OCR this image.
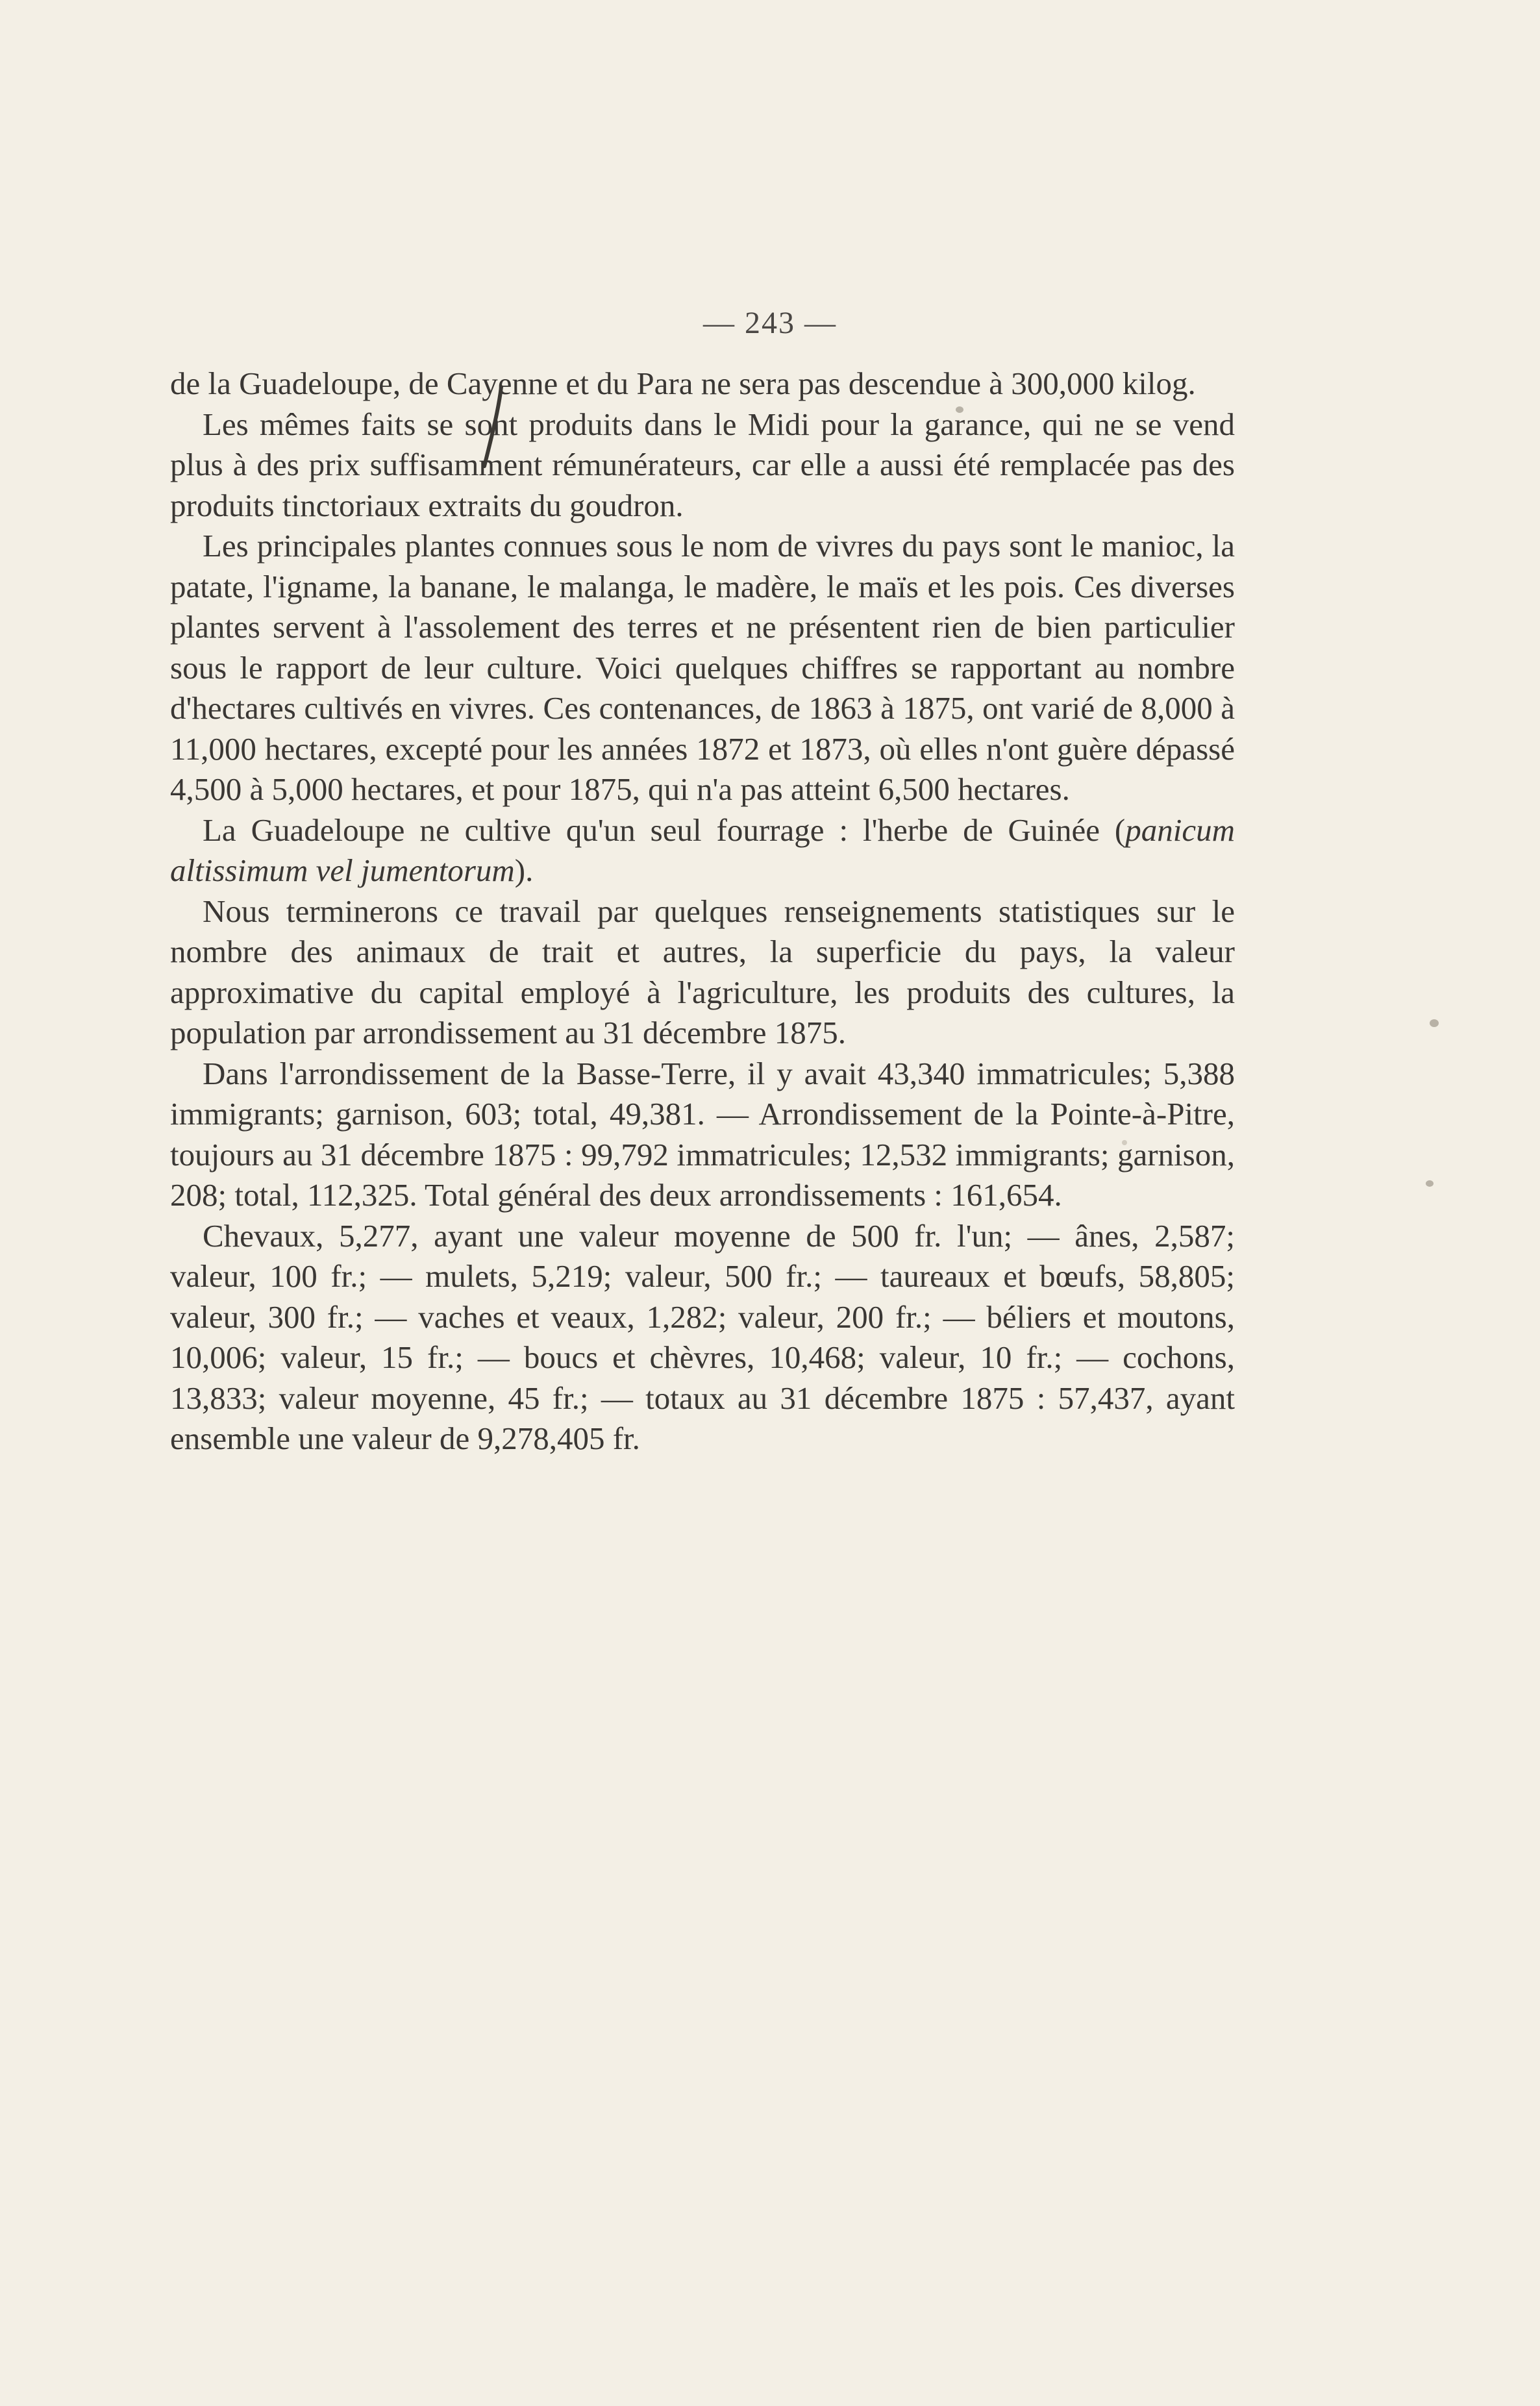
— 243 —

de la Guadeloupe, de Cayenne et du Para ne sera pas descendue à 300,000 kilog.

Les mêmes faits se sont produits dans le Midi pour la garance, qui ne se vend plus à des prix suffisamment rémunérateurs, car elle a aussi été remplacée pas des produits tinctoriaux extraits du goudron.

Les principales plantes connues sous le nom de vivres du pays sont le manioc, la patate, l'igname, la banane, le malanga, le madère, le maïs et les pois. Ces diverses plantes servent à l'assolement des terres et ne présentent rien de bien particulier sous le rapport de leur culture. Voici quelques chiffres se rapportant au nombre d'hectares cultivés en vivres. Ces contenances, de 1863 à 1875, ont varié de 8,000 à 11,000 hectares, excepté pour les années 1872 et 1873, où elles n'ont guère dépassé 4,500 à 5,000 hectares, et pour 1875, qui n'a pas atteint 6,500 hectares.

La Guadeloupe ne cultive qu'un seul fourrage : l'herbe de Guinée (panicum altissimum vel jumentorum).

Nous terminerons ce travail par quelques renseignements statistiques sur le nombre des animaux de trait et autres, la superficie du pays, la valeur approximative du capital employé à l'agriculture, les produits des cultures, la population par arrondissement au 31 décembre 1875.

Dans l'arrondissement de la Basse-Terre, il y avait 43,340 immatricules; 5,388 immigrants; garnison, 603; total, 49,381. — Arrondissement de la Pointe-à-Pitre, toujours au 31 décembre 1875 : 99,792 immatricules; 12,532 immigrants; garnison, 208; total, 112,325. Total général des deux arrondissements : 161,654.

Chevaux, 5,277, ayant une valeur moyenne de 500 fr. l'un; — ânes, 2,587; valeur, 100 fr.; — mulets, 5,219; valeur, 500 fr.; — taureaux et bœufs, 58,805; valeur, 300 fr.; — vaches et veaux, 1,282; valeur, 200 fr.; — béliers et moutons, 10,006; valeur, 15 fr.; — boucs et chèvres, 10,468; valeur, 10 fr.; — cochons, 13,833; valeur moyenne, 45 fr.; — totaux au 31 décembre 1875 : 57,437, ayant ensemble une valeur de 9,278,405 fr.
